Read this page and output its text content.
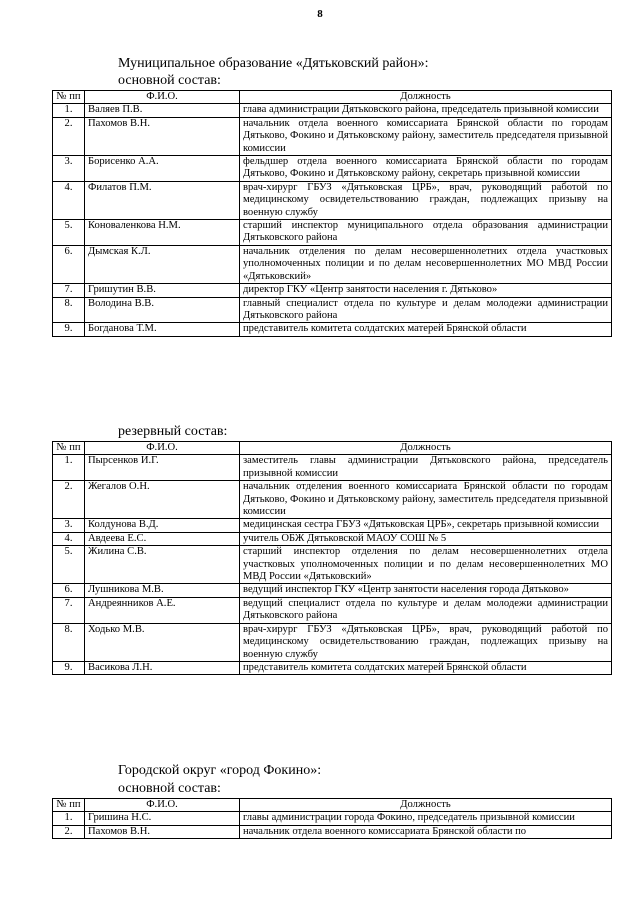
8
Муниципальное образование «Дятьковский район»:
основной состав:
№ пп	Ф.И.О.	Должность
1.	Валяев П.В.	глава администрации Дятьковского района, председатель призывной комиссии
2.	Пахомов В.Н.	начальник отдела военного комиссариата Брянской области по городам Дятьково, Фокино и Дятьковскому району, заместитель председателя призывной комиссии
3.	Борисенко А.А.	фельдшер отдела военного комиссариата Брянской области по городам Дятьково, Фокино и Дятьковскому району, секретарь призывной комиссии
4.	Филатов П.М.	врач-хирург ГБУЗ «Дятьковская ЦРБ», врач, руководящий работой по медицинскому освидетельствованию граждан, подлежащих призыву на военную службу
5.	Коноваленкова Н.М.	старший инспектор муниципального отдела образования администрации Дятьковского района
6.	Дымская К.Л.	начальник отделения по делам несовершеннолетних отдела участковых уполномоченных полиции и по делам несовершеннолетних МО МВД России «Дятьковский»
7.	Гришутин В.В.	директор ГКУ «Центр занятости населения г. Дятьково»
8.	Володина В.В.	главный специалист отдела по культуре и делам молодежи администрации Дятьковского района
9.	Богданова Т.М.	представитель комитета солдатских матерей Брянской области
резервный состав:
№ пп	Ф.И.О.	Должность
1.	Пырсенков И.Г.	заместитель главы администрации Дятьковского района, председатель призывной комиссии
2.	Жегалов О.Н.	начальник отделения военного комиссариата Брянской области по городам Дятьково, Фокино и Дятьковскому району, заместитель председателя призывной комиссии
3.	Колдунова В.Д.	медицинская сестра ГБУЗ «Дятьковская ЦРБ», секретарь призывной комиссии
4.	Авдеева Е.С.	учитель ОБЖ Дятьковской МАОУ СОШ № 5
5.	Жилина С.В.	старший инспектор отделения по делам несовершеннолетних отдела участковых уполномоченных полиции и по делам несовершеннолетних МО МВД России «Дятьковский»
6.	Лушникова М.В.	ведущий инспектор ГКУ «Центр занятости населения города Дятьково»
7.	Андреянников А.Е.	ведущий специалист отдела по культуре и делам молодежи администрации Дятьковского района
8.	Ходько М.В.	врач-хирург ГБУЗ «Дятьковская ЦРБ», врач, руководящий работой по медицинскому освидетельствованию граждан, подлежащих призыву на военную службу
9.	Васикова Л.Н.	представитель комитета солдатских матерей Брянской области
Городской округ «город Фокино»:
основной состав:
№ пп	Ф.И.О.	Должность
1.	Гришина Н.С.	главы администрации города Фокино, председатель призывной комиссии
2.	Пахомов В.Н.	начальник отдела военного комиссариата Брянской области по
